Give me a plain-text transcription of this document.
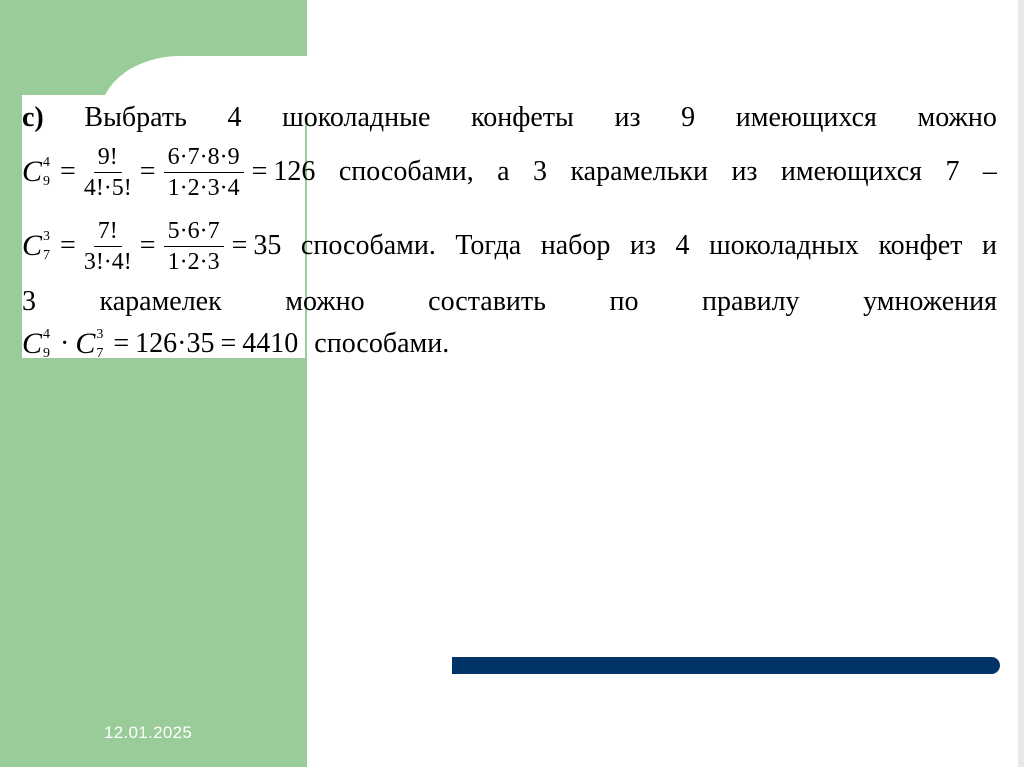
с) Выбрать 4 шоколадные конфеты из 9 имеющихся можно
C 4
$9 = \frac{9!}{4!\cdot 5!} = \frac{6\cdot 7\cdot 8\cdot 9}{1\cdot 2\cdot 3\cdot 4} = 126$ способами, а 3 карамельки из имеющихся 7 –
C 3
$7 = \frac{7!}{3!\cdot 4!} = \frac{5\cdot 6\cdot 7}{1\cdot 2\cdot 3} = 35$ способами. Тогда набор из 4 шоколадных конфет и
3 карамелек можно составить по правилу умножения
C 4
9 · C 3
7 = 126·35 = 4410 способами.
12.01.2025
